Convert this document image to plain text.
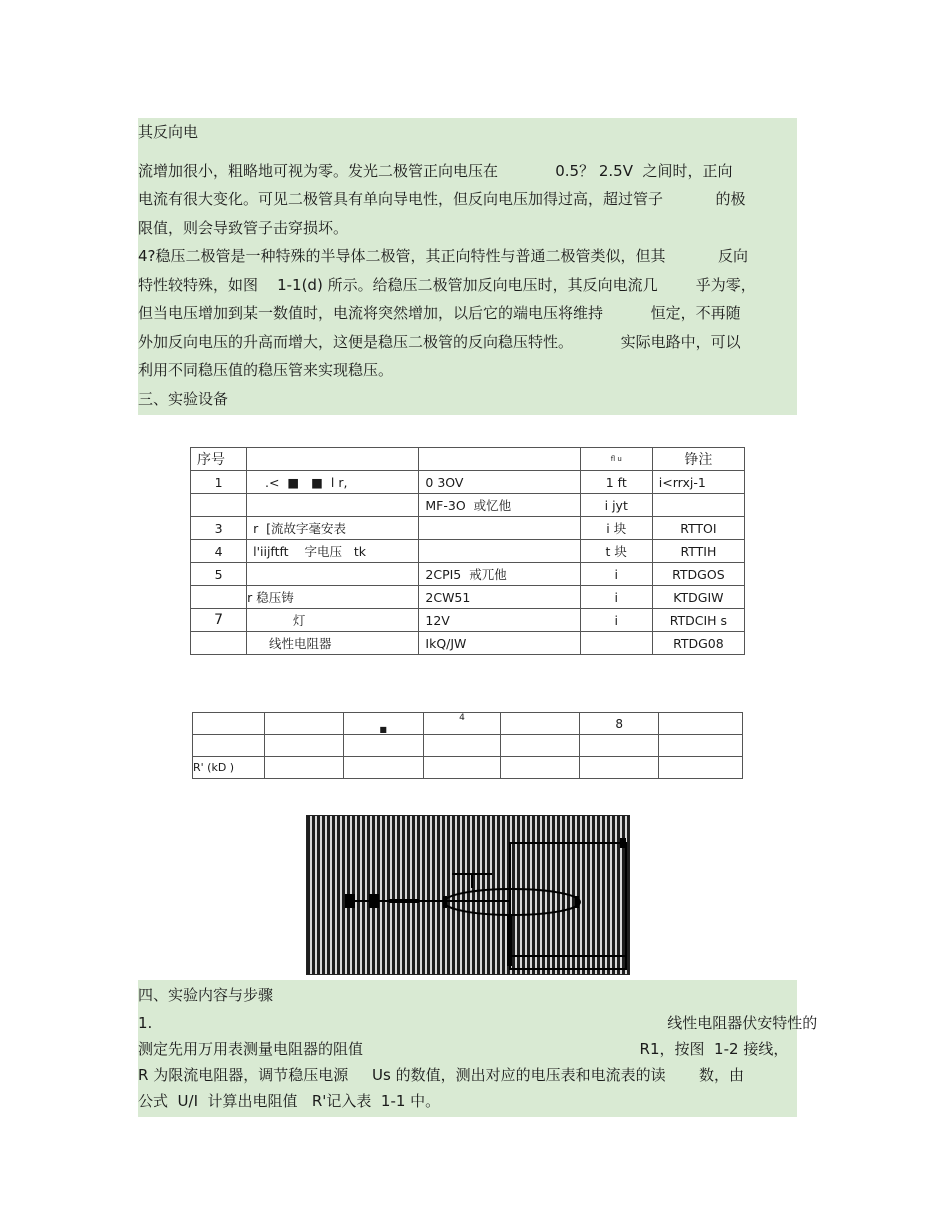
其反向电
流增加很小，粗略地可视为零。发光二极管正向电压在            0.5？ 2.5V  之间时，正向
电流有很大变化。可见二极管具有单向导电性，但反向电压加得过高，超过管子           的极
限值，则会导致管子击穿损坏。
4?稳压二极管是一种特殊的半导体二极管，其正向特性与普通二极管类似，但其           反向
特性较特殊，如图    1-1(d) 所示。给稳压二极管加反向电压时，其反向电流几        乎为零，
但当电压增加到某一数值时，电流将突然增加，以后它的端电压将维持          恒定，不再随
外加反向电压的升高而增大，这便是稳压二极管的反向稳压特性。          实际电路中，可以
利用不同稳压值的稳压管来实现稳压。
三、实验设备
序号			fl u	铮注
1	.<  ■   ■  l r,	0 3OV	1 ft	i<rrxj-1
		MF-3O  或忆他	i jyt	
3	r  [流故字毫安表		i 块	RTTOI
4	l'iijftft    字电压   tk		t 块	RTTIH
5		2CPI5  戒兀他	i	RTDGOS
	r 稳压铸	2CW51	i	KTDGIW
7	灯	12V	i	RTDCIH s
	线性电阻器	IkQ/JW		RTDG08
		■	4		8	

R' (kD )						
四、实验内容与步骤
1.                                                                                                            线性电阻器伏安特性的
测定先用万用表测量电阻器的阻值                                                          R1，按图  1-2 接线，
R 为限流电阻器，调节稳压电源     Us 的数值，测出对应的电压表和电流表的读       数，由
公式  U/I  计算出电阻值   R'记入表  1-1 中。
